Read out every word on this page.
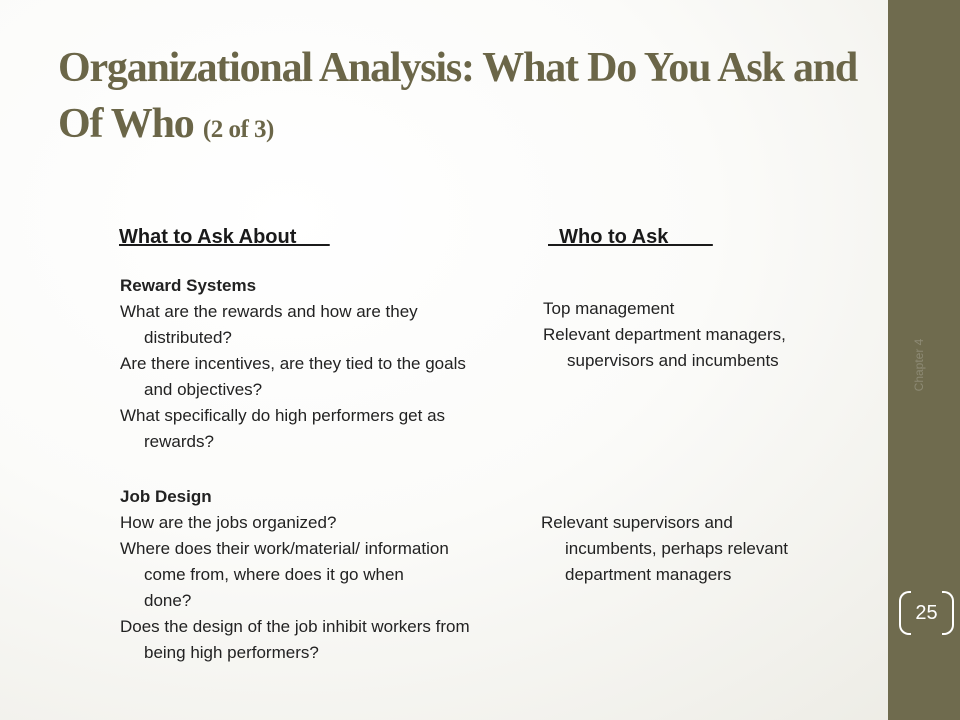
Organizational Analysis: What Do You Ask and Of Who (2 of 3)
What to Ask About	Who to Ask
Reward Systems
What are the rewards and how are they distributed?
Are there incentives, are they tied to the goals and objectives?
What specifically do high performers get as rewards?
Top management
Relevant department managers, supervisors and incumbents
Job Design
How are the jobs organized?
Where does their work/material/ information come from, where does it go when done?
Does the design of the job inhibit workers from being high performers?
Relevant supervisors and incumbents, perhaps relevant department managers
Chapter 4
25
